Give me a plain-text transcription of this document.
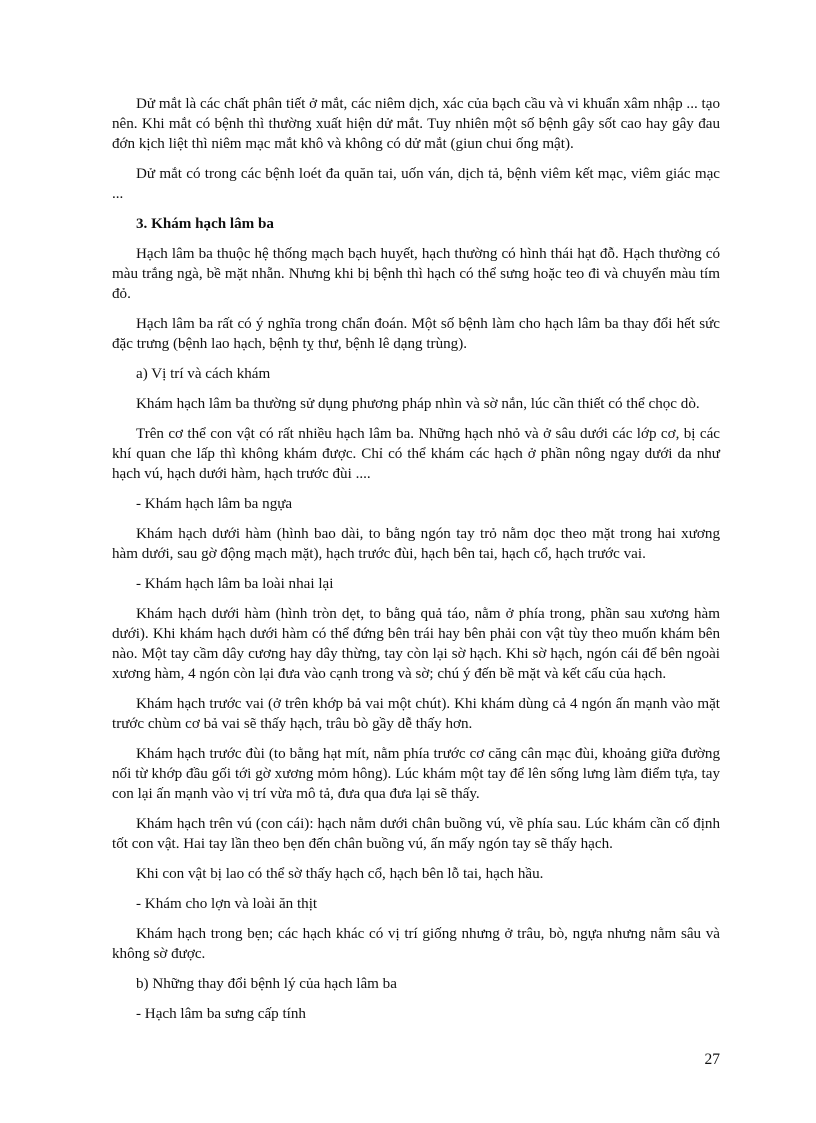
Dử mắt là các chất phân tiết ở mắt, các niêm dịch, xác của bạch cầu và vi khuẩn xâm nhập ... tạo nên. Khi mắt có bệnh thì thường xuất hiện dử mắt. Tuy nhiên một số bệnh gây sốt cao hay gây đau đớn kịch liệt thì niêm mạc mắt khô và không có dử mắt (giun chui ống mật).

Dử mắt có trong các bệnh loét đa quăn tai, uốn ván, dịch tả, bệnh viêm kết mạc, viêm giác mạc ...

3. Khám hạch lâm ba

Hạch lâm ba thuộc hệ thống mạch bạch huyết, hạch thường có hình thái hạt đỗ. Hạch thường có màu trắng ngà, bề mặt nhẵn. Nhưng khi bị bệnh thì hạch có thể sưng hoặc teo đi và chuyển màu tím đỏ.

Hạch lâm ba rất có ý nghĩa trong chẩn đoán. Một số bệnh làm cho hạch lâm ba thay đổi hết sức đặc trưng (bệnh lao hạch, bệnh tỵ thư, bệnh lê dạng trùng).

a) Vị trí và cách khám

Khám hạch lâm ba thường sử dụng phương pháp nhìn và sờ nắn, lúc cần thiết có thể chọc dò.

Trên cơ thể con vật có rất nhiều hạch lâm ba. Những hạch nhỏ và ở sâu dưới các lớp cơ, bị các khí quan che lấp thì không khám được. Chỉ có thể khám các hạch ở phần nông ngay dưới da như hạch vú, hạch dưới hàm, hạch trước đùi ....

- Khám hạch lâm ba ngựa

Khám hạch dưới hàm (hình bao dài, to bằng ngón tay trỏ nằm dọc theo mặt trong hai xương hàm dưới, sau gờ động mạch mặt), hạch trước đùi, hạch bên tai, hạch cổ, hạch trước vai.

- Khám hạch lâm ba loài nhai lại

Khám hạch dưới hàm (hình tròn dẹt, to bằng quả táo, nằm ở phía trong, phần sau xương hàm dưới). Khi khám hạch dưới hàm có thể đứng bên trái hay bên phải con vật tùy theo muốn khám bên nào. Một tay cầm dây cương hay dây thừng, tay còn lại sờ hạch. Khi sờ hạch, ngón cái để bên ngoài xương hàm, 4 ngón còn lại đưa vào cạnh trong và sờ; chú ý đến bề mặt và kết cấu của hạch.

Khám hạch trước vai (ở trên khớp bả vai một chút). Khi khám dùng cả 4 ngón ấn mạnh vào mặt trước chùm cơ bả vai sẽ thấy hạch, trâu bò gầy dễ thấy hơn.

Khám hạch trước đùi (to bằng hạt mít, nằm phía trước cơ căng cân mạc đùi, khoảng giữa đường nối từ khớp đầu gối tới gờ xương mỏm hông). Lúc khám một tay để lên sống lưng làm điểm tựa, tay con lại ấn mạnh vào vị trí vừa mô tả, đưa qua đưa lại sẽ thấy.

Khám hạch trên vú (con cái): hạch nằm dưới chân buồng vú, về phía sau. Lúc khám cần cố định tốt con vật. Hai tay lần theo bẹn đến chân buồng vú, ấn mấy ngón tay sẽ thấy hạch.

Khi con vật bị lao có thể sờ thấy hạch cổ, hạch bên lỗ tai, hạch hầu.

- Khám cho lợn và loài ăn thịt

Khám hạch trong bẹn; các hạch khác có vị trí giống nhưng ở trâu, bò, ngựa nhưng nằm sâu và không sờ được.

b) Những thay đổi bệnh lý của hạch lâm ba

- Hạch lâm ba sưng cấp tính

27
